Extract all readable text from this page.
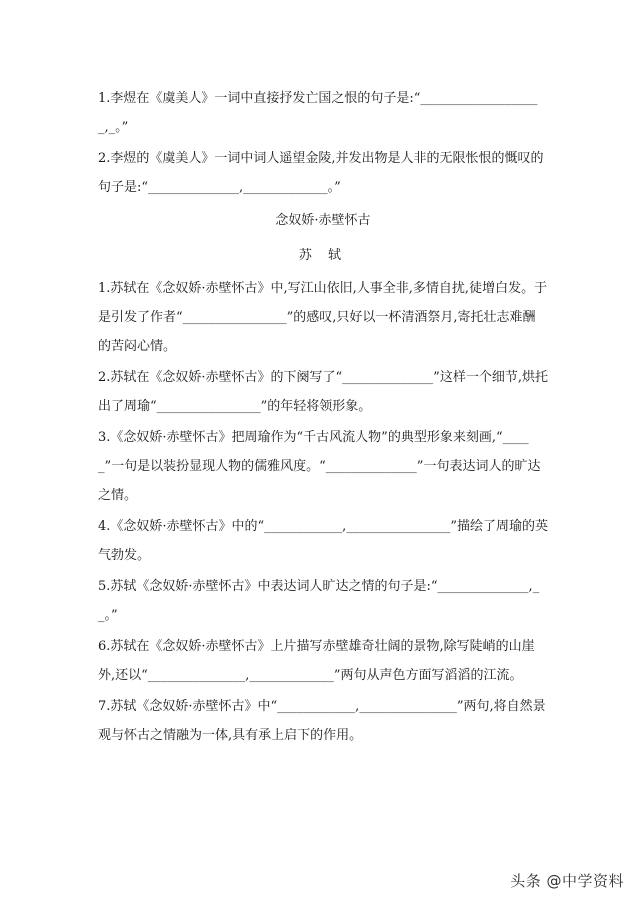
1.李煜在《虞美人》一词中直接抒发亡国之恨的句子是:“___________________,_。”

2.李煜的《虞美人》一词中词人遥望金陵,并发出物是人非的无限怅恨的慨叹的句子是:“______________,_____________。”

念奴娇·赤壁怀古
苏 轼

1.苏轼在《念奴娇·赤壁怀古》中,写江山依旧,人事全非,多情自扰,徒增白发。于是引发了作者“________________”的感叹,只好以一杯清酒祭月,寄托壮志难酬的苦闷心情。

2.苏轼在《念奴娇·赤壁怀古》的下阕写了“______________”这样一个细节,烘托出了周瑜“________________”的年轻将领形象。

3.《念奴娇·赤壁怀古》把周瑜作为“千古风流人物”的典型形象来刻画,“_____”一句是以装扮显现人物的儒雅风度。“______________”一句表达词人的旷达之情。

4.《念奴娇·赤壁怀古》中的“____________,________________”描绘了周瑜的英气勃发。

5.苏轼《念奴娇·赤壁怀古》中表达词人旷达之情的句子是:“______________,__。”

6.苏轼在《念奴娇·赤壁怀古》上片描写赤壁雄奇壮阔的景物,除写陡峭的山崖外,还以“_______________,_____________”两句从声色方面写滔滔的江流。

7.苏轼《念奴娇·赤壁怀古》中“____________,_______________”两句,将自然景观与怀古之情融为一体,具有承上启下的作用。

头条 @中学资料
